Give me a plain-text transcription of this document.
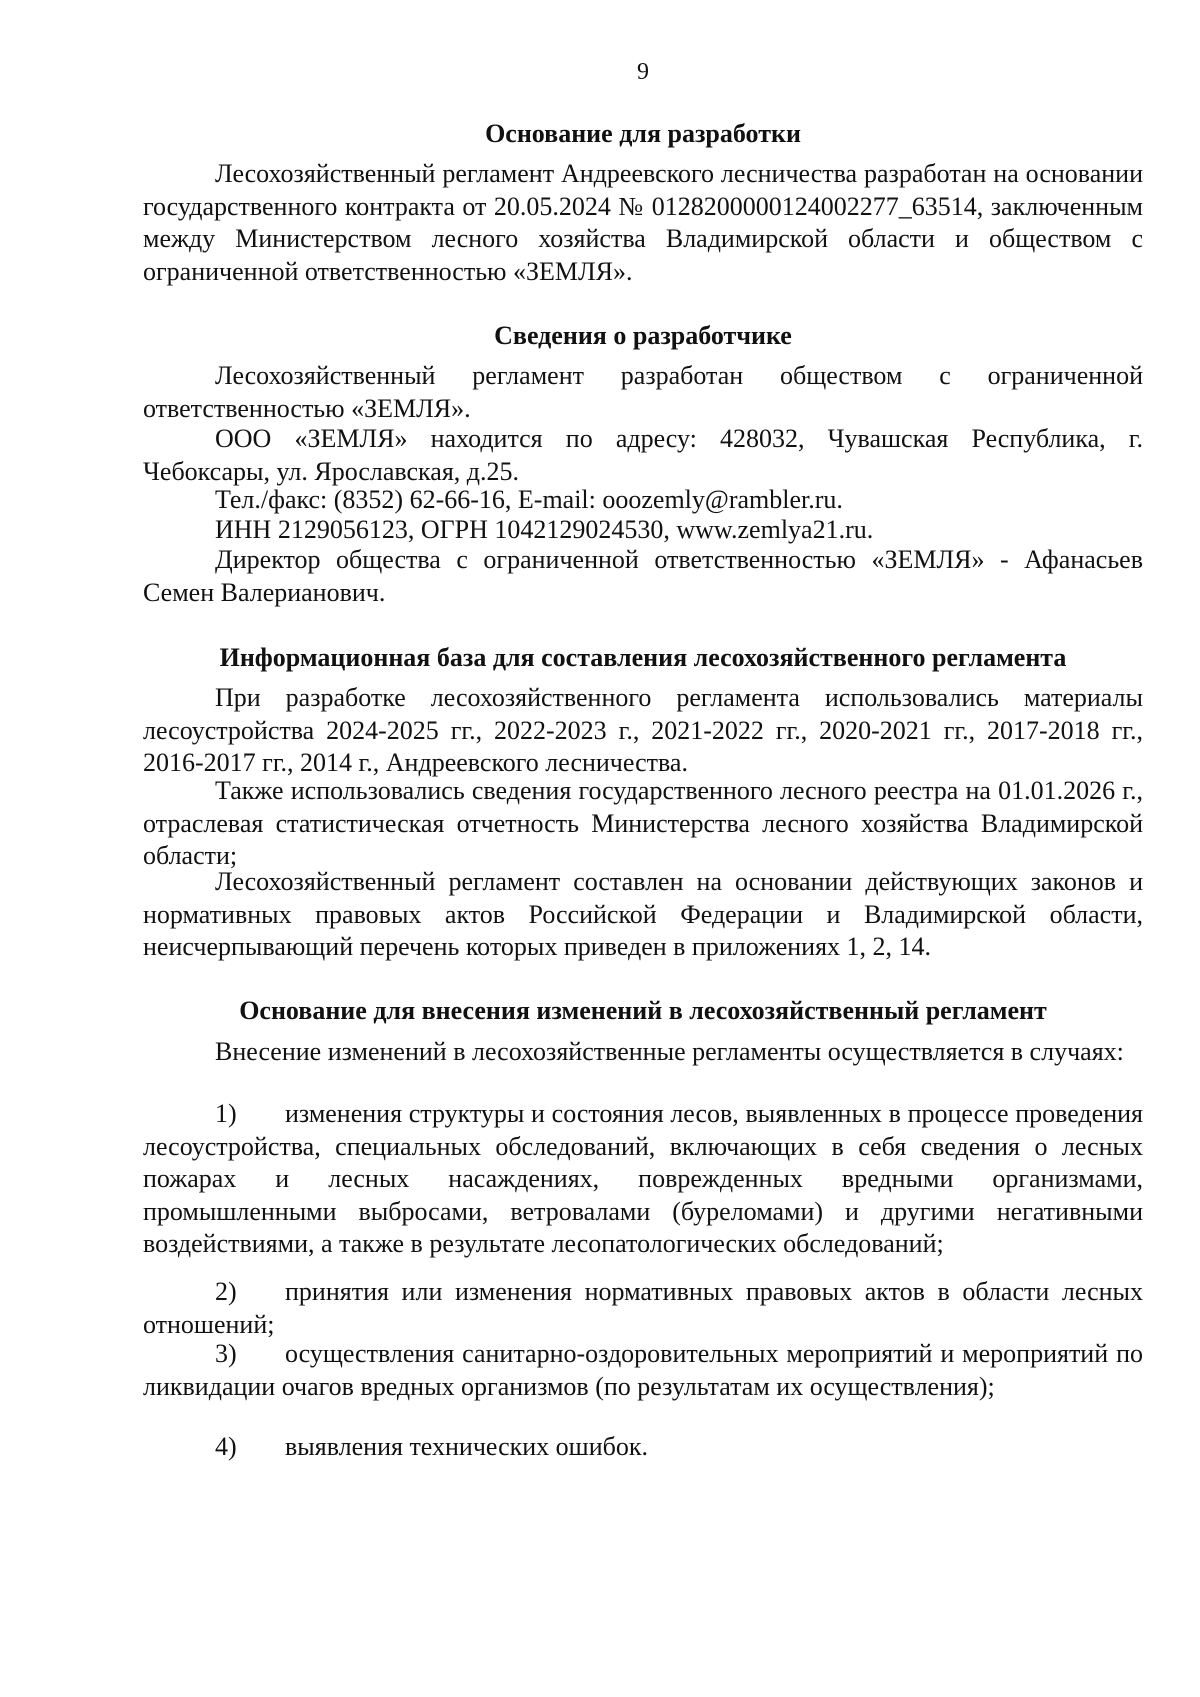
9
Основание для разработки

Лесохозяйственный регламент Андреевского лесничества разработан на основании государственного контракта от 20.05.2024 № 0128200000124002277_63514, заключенным между Министерством лесного хозяйства Владимирской области и обществом с ограниченной ответственностью «ЗЕМЛЯ».

Сведения о разработчике

Лесохозяйственный регламент разработан обществом с ограниченной ответственностью «ЗЕМЛЯ».

ООО «ЗЕМЛЯ» находится по адресу: 428032, Чувашская Республика, г. Чебоксары, ул. Ярославская, д.25.

Тел./факс: (8352) 62-66-16, E-mail: ooozemly@rambler.ru.

ИНН 2129056123, ОГРН 1042129024530, www.zemlya21.ru.

Директор общества с ограниченной ответственностью «ЗЕМЛЯ» - Афанасьев Семен Валерианович.

Информационная база для составления лесохозяйственного регламента

При разработке лесохозяйственного регламента использовались материалы лесоустройства 2024-2025 гг., 2022-2023 г., 2021-2022 гг., 2020-2021 гг., 2017-2018 гг., 2016-2017 гг., 2014 г., Андреевского лесничества.

Также использовались сведения государственного лесного реестра на 01.01.2026 г., отраслевая статистическая отчетность Министерства лесного хозяйства Владимирской области;

Лесохозяйственный регламент составлен на основании действующих законов и нормативных правовых актов Российской Федерации и Владимирской области, неисчерпывающий перечень которых приведен в приложениях 1, 2, 14.

Основание для внесения изменений в лесохозяйственный регламент

Внесение изменений в лесохозяйственные регламенты осуществляется в случаях:

1) изменения структуры и состояния лесов, выявленных в процессе проведения лесоустройства, специальных обследований, включающих в себя сведения о лесных пожарах и лесных насаждениях, поврежденных вредными организмами, промышленными выбросами, ветровалами (буреломами) и другими негативными воздействиями, а также в результате лесопатологических обследований;

2) принятия или изменения нормативных правовых актов в области лесных отношений;

3) осуществления санитарно-оздоровительных мероприятий и мероприятий по ликвидации очагов вредных организмов (по результатам их осуществления);

4) выявления технических ошибок.
